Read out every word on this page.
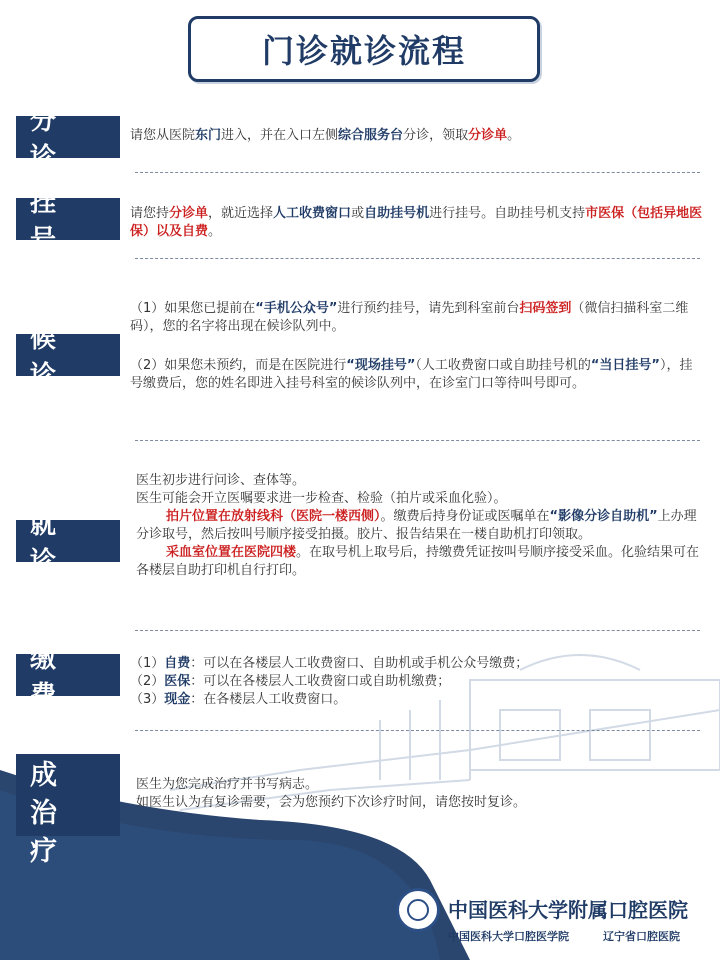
门诊就诊流程
分 诊
请您从医院东门进入，并在入口左侧综合服务台分诊，领取分诊单。
挂 号
请您持分诊单，就近选择人工收费窗口或自助挂号机进行挂号。自助挂号机支持市医保（包括异地医保）以及自费。
候 诊
（1）如果您已提前在“手机公众号”进行预约挂号，请先到科室前台扫码签到（微信扫描科室二维码），您的名字将出现在候诊队列中。
（2）如果您未预约，而是在医院进行“现场挂号”（人工收费窗口或自助挂号机的“当日挂号”），挂号缴费后，您的姓名即进入挂号科室的候诊队列中，在诊室门口等待叫号即可。
就 诊
医生初步进行问诊、查体等。
医生可能会开立医嘱要求进一步检查、检验（拍片或采血化验）。
拍片位置在放射线科（医院一楼西侧）。缴费后持身份证或医嘱单在“影像分诊自助机”上办理分诊取号，然后按叫号顺序接受拍摄。胶片、报告结果在一楼自助机打印领取。
采血室位置在医院四楼。在取号机上取号后，持缴费凭证按叫号顺序接受采血。化验结果可在各楼层自助打印机自行打印。
缴 费
（1）自费：可以在各楼层人工收费窗口、自助机或手机公众号缴费；
（2）医保：可以在各楼层人工收费窗口或自助机缴费；
（3）现金：在各楼层人工收费窗口。
完 成
治 疗
医生为您完成治疗并书写病志。
如医生认为有复诊需要，会为您预约下次诊疗时间，请您按时复诊。
中国医科大学附属口腔医院
中国医科大学口腔医学院	辽宁省口腔医院
